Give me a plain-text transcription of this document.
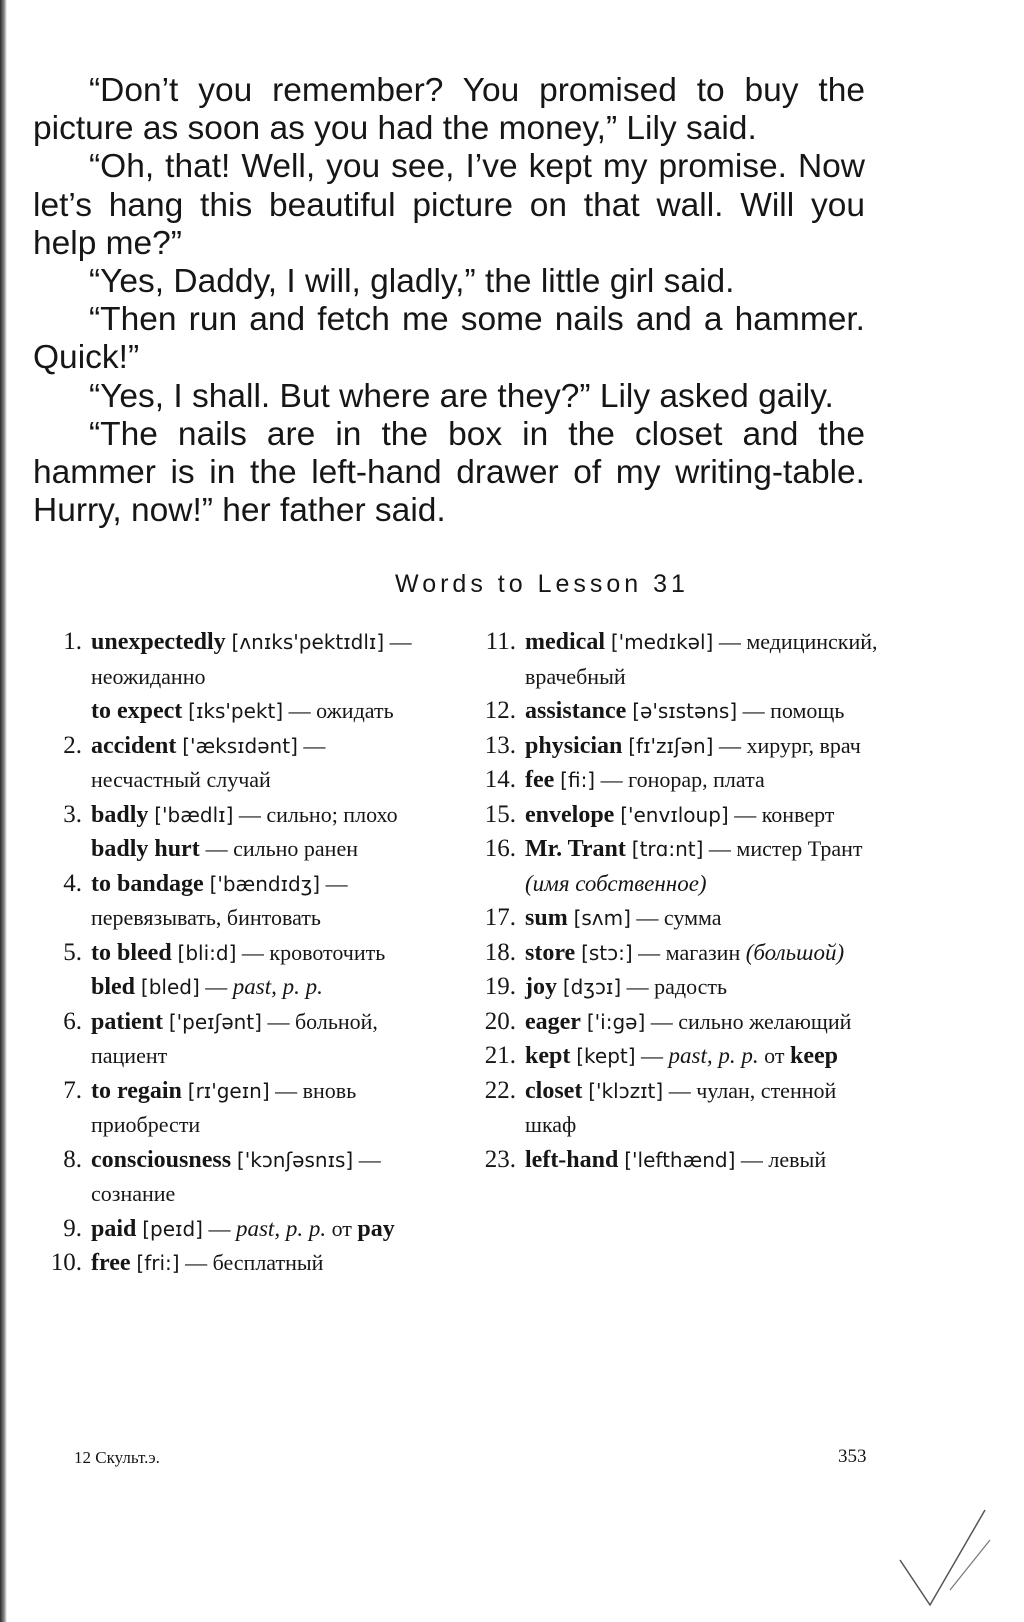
“Don’t you remember? You promised to buy the picture as soon as you had the money,” Lily said.

“Oh, that! Well, you see, I’ve kept my promise. Now let’s hang this beautiful picture on that wall. Will you help me?”

“Yes, Daddy, I will, gladly,” the little girl said.

“Then run and fetch me some nails and a hammer. Quick!”

“Yes, I shall. But where are they?” Lily asked gaily.

“The nails are in the box in the closet and the hammer is in the left-hand drawer of my writing-table. Hurry, now!” her father said.

Words to Lesson 31
1. unexpectedly [ʌnɪks'pektɪdlɪ] — неожиданно
to expect [ɪks'pekt] — ожидать
2. accident ['æksɪdənt] — несчастный случай
3. badly ['bædlɪ] — сильно; плохо
badly hurt — сильно ранен
4. to bandage ['bændɪdʒ] — перевязывать, бинтовать
5. to bleed [bli:d] — кровоточить
bled [bled] — past, p. p.
6. patient ['peɪʃənt] — больной, пациент
7. to regain [rɪ'geɪn] — вновь приобрести
8. consciousness ['kɔnʃəsnɪs] — сознание
9. paid [peɪd] — past, p. p. от pay
10. free [fri:] — бесплатный
11. medical ['medɪkəl] — медицинский, врачебный
12. assistance [ə'sɪstəns] — помощь
13. physician [fɪ'zɪʃən] — хирург, врач
14. fee [fi:] — гонорар, плата
15. envelope ['envɪloup] — конверт
16. Mr. Trant [trɑ:nt] — мистер Трант (имя собственное)
17. sum [sʌm] — сумма
18. store [stɔ:] — магазин (большой)
19. joy [dʒɔɪ] — радость
20. eager ['i:gə] — сильно желающий
21. kept [kept] — past, p. p. от keep
22. closet ['klɔzɪt] — чулан, стенной шкаф
23. left-hand ['lefthænd] — левый
12 Скульт.э.	353
